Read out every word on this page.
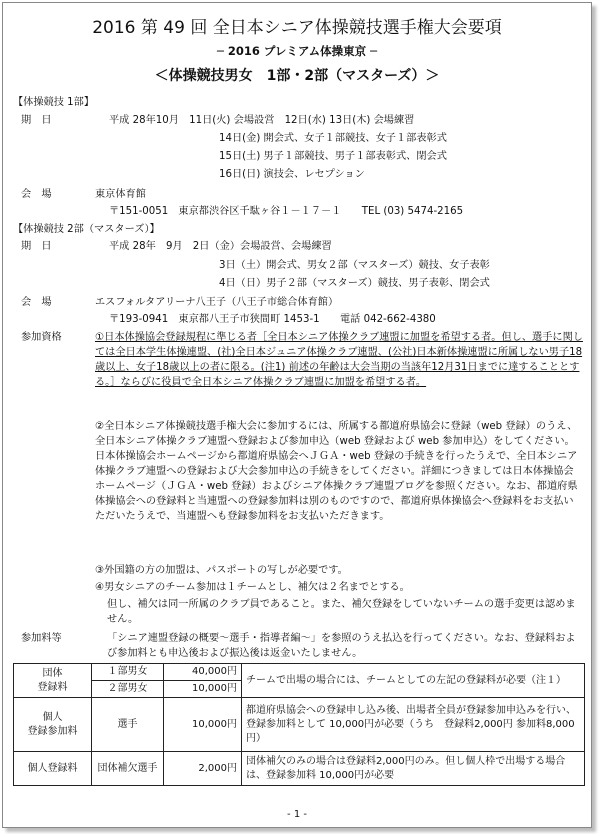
2016 第 49 回 全日本シニア体操競技選手権大会要項
─ 2016 プレミアム体操東京 ─
＜体操競技男女　1部・2部（マスターズ）＞
【体操競技 1部】
期　日	平成 28年10月　11日(火) 会場設営　12日(水) 13日(木) 会場練習
14日(金) 開会式、女子１部競技、女子１部表彰式
15日(土) 男子１部競技、男子１部表彰式、閉会式
16日(日) 演技会、レセプション
会　場	東京体育館
〒151-0051　東京都渋谷区千駄ヶ谷１－１７－１　　TEL (03) 5474-2165
【体操競技 2部（マスターズ）】
期　日	平成 28年　9月　2日（金）会場設営、会場練習
3日（土）開会式、男女２部（マスターズ）競技、女子表彰
4日（日）男子２部（マスターズ）競技、男子表彰、閉会式
会　場	エスフォルタアリーナ八王子（八王子市総合体育館）
〒193-0941　東京都八王子市狭間町 1453-1　　電話 042-662-4380
参加資格	①日本体操協会登録規程に準じる者［全日本シニア体操クラブ連盟に加盟を希望する者。但し、選手に関しては全日本学生体操連盟、(社)全日本ジュニア体操クラブ連盟、(公社)日本新体操連盟に所属しない男子18歳以上、女子18歳以上の者に限る。(注1) 前述の年齢は大会当期の当該年12月31日までに達することとする。］ならびに役員で全日本シニア体操クラブ連盟に加盟を希望する者。
②全日本シニア体操競技選手権大会に参加するには、所属する都道府県協会に登録（web 登録）のうえ、全日本シニア体操クラブ連盟へ登録および参加申込（web 登録および web 参加申込）をしてください。日本体操協会ホームページから都道府県協会へＪＧＡ・web 登録の手続きを行ったうえで、全日本シニア体操クラブ連盟への登録および大会参加申込の手続きをしてください。詳細につきましては日本体操協会ホームページ（ＪＧＡ・web 登録）およびシニア体操クラブ連盟ブログを参照ください。なお、都道府県体操協会への登録料と当連盟への登録参加料は別のものですので、都道府県体操協会へ登録料をお支払いただいたうえで、当連盟へも登録参加料をお支払いただきます。
③外国籍の方の加盟は、パスポートの写しが必要です。
④男女シニアのチーム参加は１チームとし、補欠は２名までとする。
但し、補欠は同一所属のクラブ員であること。また、補欠登録をしていないチームの選手変更は認めません。
参加料等	「シニア連盟登録の概要～選手・指導者編～」を参照のうえ払込を行ってください。なお、登録料および参加料とも申込後および振込後は返金いたしません。
団体
登録料	１部男女	40,000円	チームで出場の場合には、チームとしての左記の登録料が必要（注１）
	２部男女	10,000円	
個人
登録参加料	選手	10,000円	都道府県協会への登録申し込み後、出場者全員が登録参加申込みを行い、登録参加料として 10,000円が必要（うち　登録料2,000円 参加料8,000円）
個人登録料	団体補欠選手	2,000円	団体補欠のみの場合は登録料2,000円のみ。但し個人枠で出場する場合は、登録参加料 10,000円が必要
- 1 -
